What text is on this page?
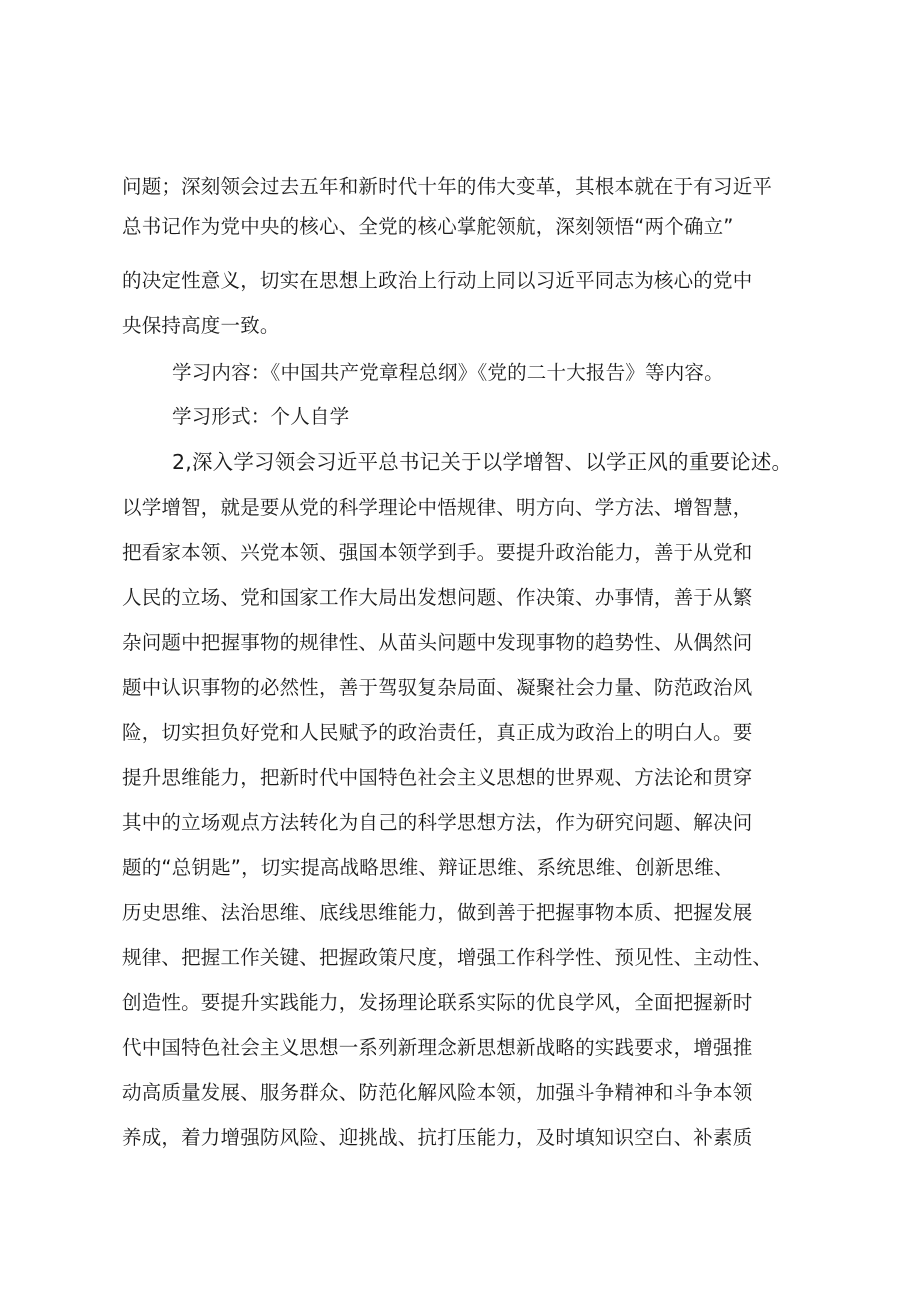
问题；深刻领会过去五年和新时代十年的伟大变革，其根本就在于有习近平
总书记作为党中央的核心、全党的核心掌舵领航，深刻领悟“两个确立”
的决定性意义，切实在思想上政治上行动上同以习近平同志为核心的党中
央保持高度一致。
学习内容：《中国共产党章程总纲》《党的二十大报告》等内容。
学习形式：个人自学
2,深入学习领会习近平总书记关于以学增智、以学正风的重要论述。
以学增智，就是要从党的科学理论中悟规律、明方向、学方法、增智慧，
把看家本领、兴党本领、强国本领学到手。要提升政治能力，善于从党和
人民的立场、党和国家工作大局出发想问题、作决策、办事情，善于从繁
杂问题中把握事物的规律性、从苗头问题中发现事物的趋势性、从偶然问
题中认识事物的必然性，善于驾驭复杂局面、凝聚社会力量、防范政治风
险，切实担负好党和人民赋予的政治责任，真正成为政治上的明白人。要
提升思维能力，把新时代中国特色社会主义思想的世界观、方法论和贯穿
其中的立场观点方法转化为自己的科学思想方法，作为研究问题、解决问
题的“总钥匙”，切实提高战略思维、辩证思维、系统思维、创新思维、
历史思维、法治思维、底线思维能力，做到善于把握事物本质、把握发展
规律、把握工作关键、把握政策尺度，增强工作科学性、预见性、主动性、
创造性。要提升实践能力，发扬理论联系实际的优良学风，全面把握新时
代中国特色社会主义思想一系列新理念新思想新战略的实践要求，增强推
动高质量发展、服务群众、防范化解风险本领，加强斗争精神和斗争本领
养成，着力增强防风险、迎挑战、抗打压能力，及时填知识空白、补素质
